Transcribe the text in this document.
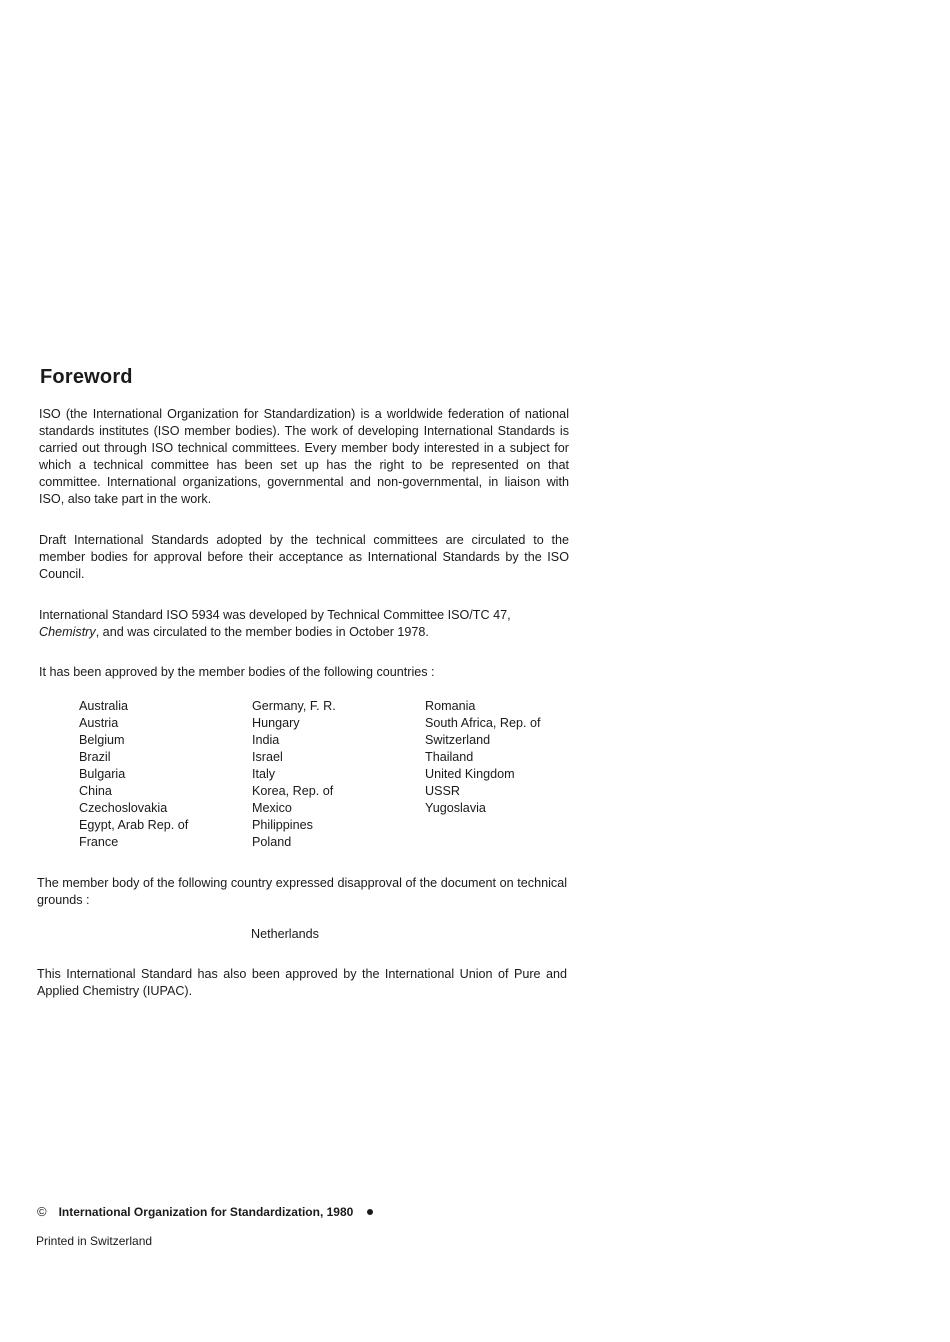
Foreword

ISO (the International Organization for Standardization) is a worldwide federation of national standards institutes (ISO member bodies). The work of developing International Standards is carried out through ISO technical committees. Every member body interested in a subject for which a technical committee has been set up has the right to be represented on that committee. International organizations, governmental and non-governmental, in liaison with ISO, also take part in the work.

Draft International Standards adopted by the technical committees are circulated to the member bodies for approval before their acceptance as International Standards by the ISO Council.

International Standard ISO 5934 was developed by Technical Committee ISO/TC 47,
Chemistry, and was circulated to the member bodies in October 1978.

It has been approved by the member bodies of the following countries :

Australia
Austria
Belgium
Brazil
Bulgaria
China
Czechoslovakia
Egypt, Arab Rep. of
France
Germany, F. R.
Hungary
India
Israel
Italy
Korea, Rep. of
Mexico
Philippines
Poland
Romania
South Africa, Rep. of
Switzerland
Thailand
United Kingdom
USSR
Yugoslavia

The member body of the following country expressed disapproval of the document on technical grounds :

Netherlands

This International Standard has also been approved by the International Union of Pure and Applied Chemistry (IUPAC).

© International Organization for Standardization, 1980
Printed in Switzerland
